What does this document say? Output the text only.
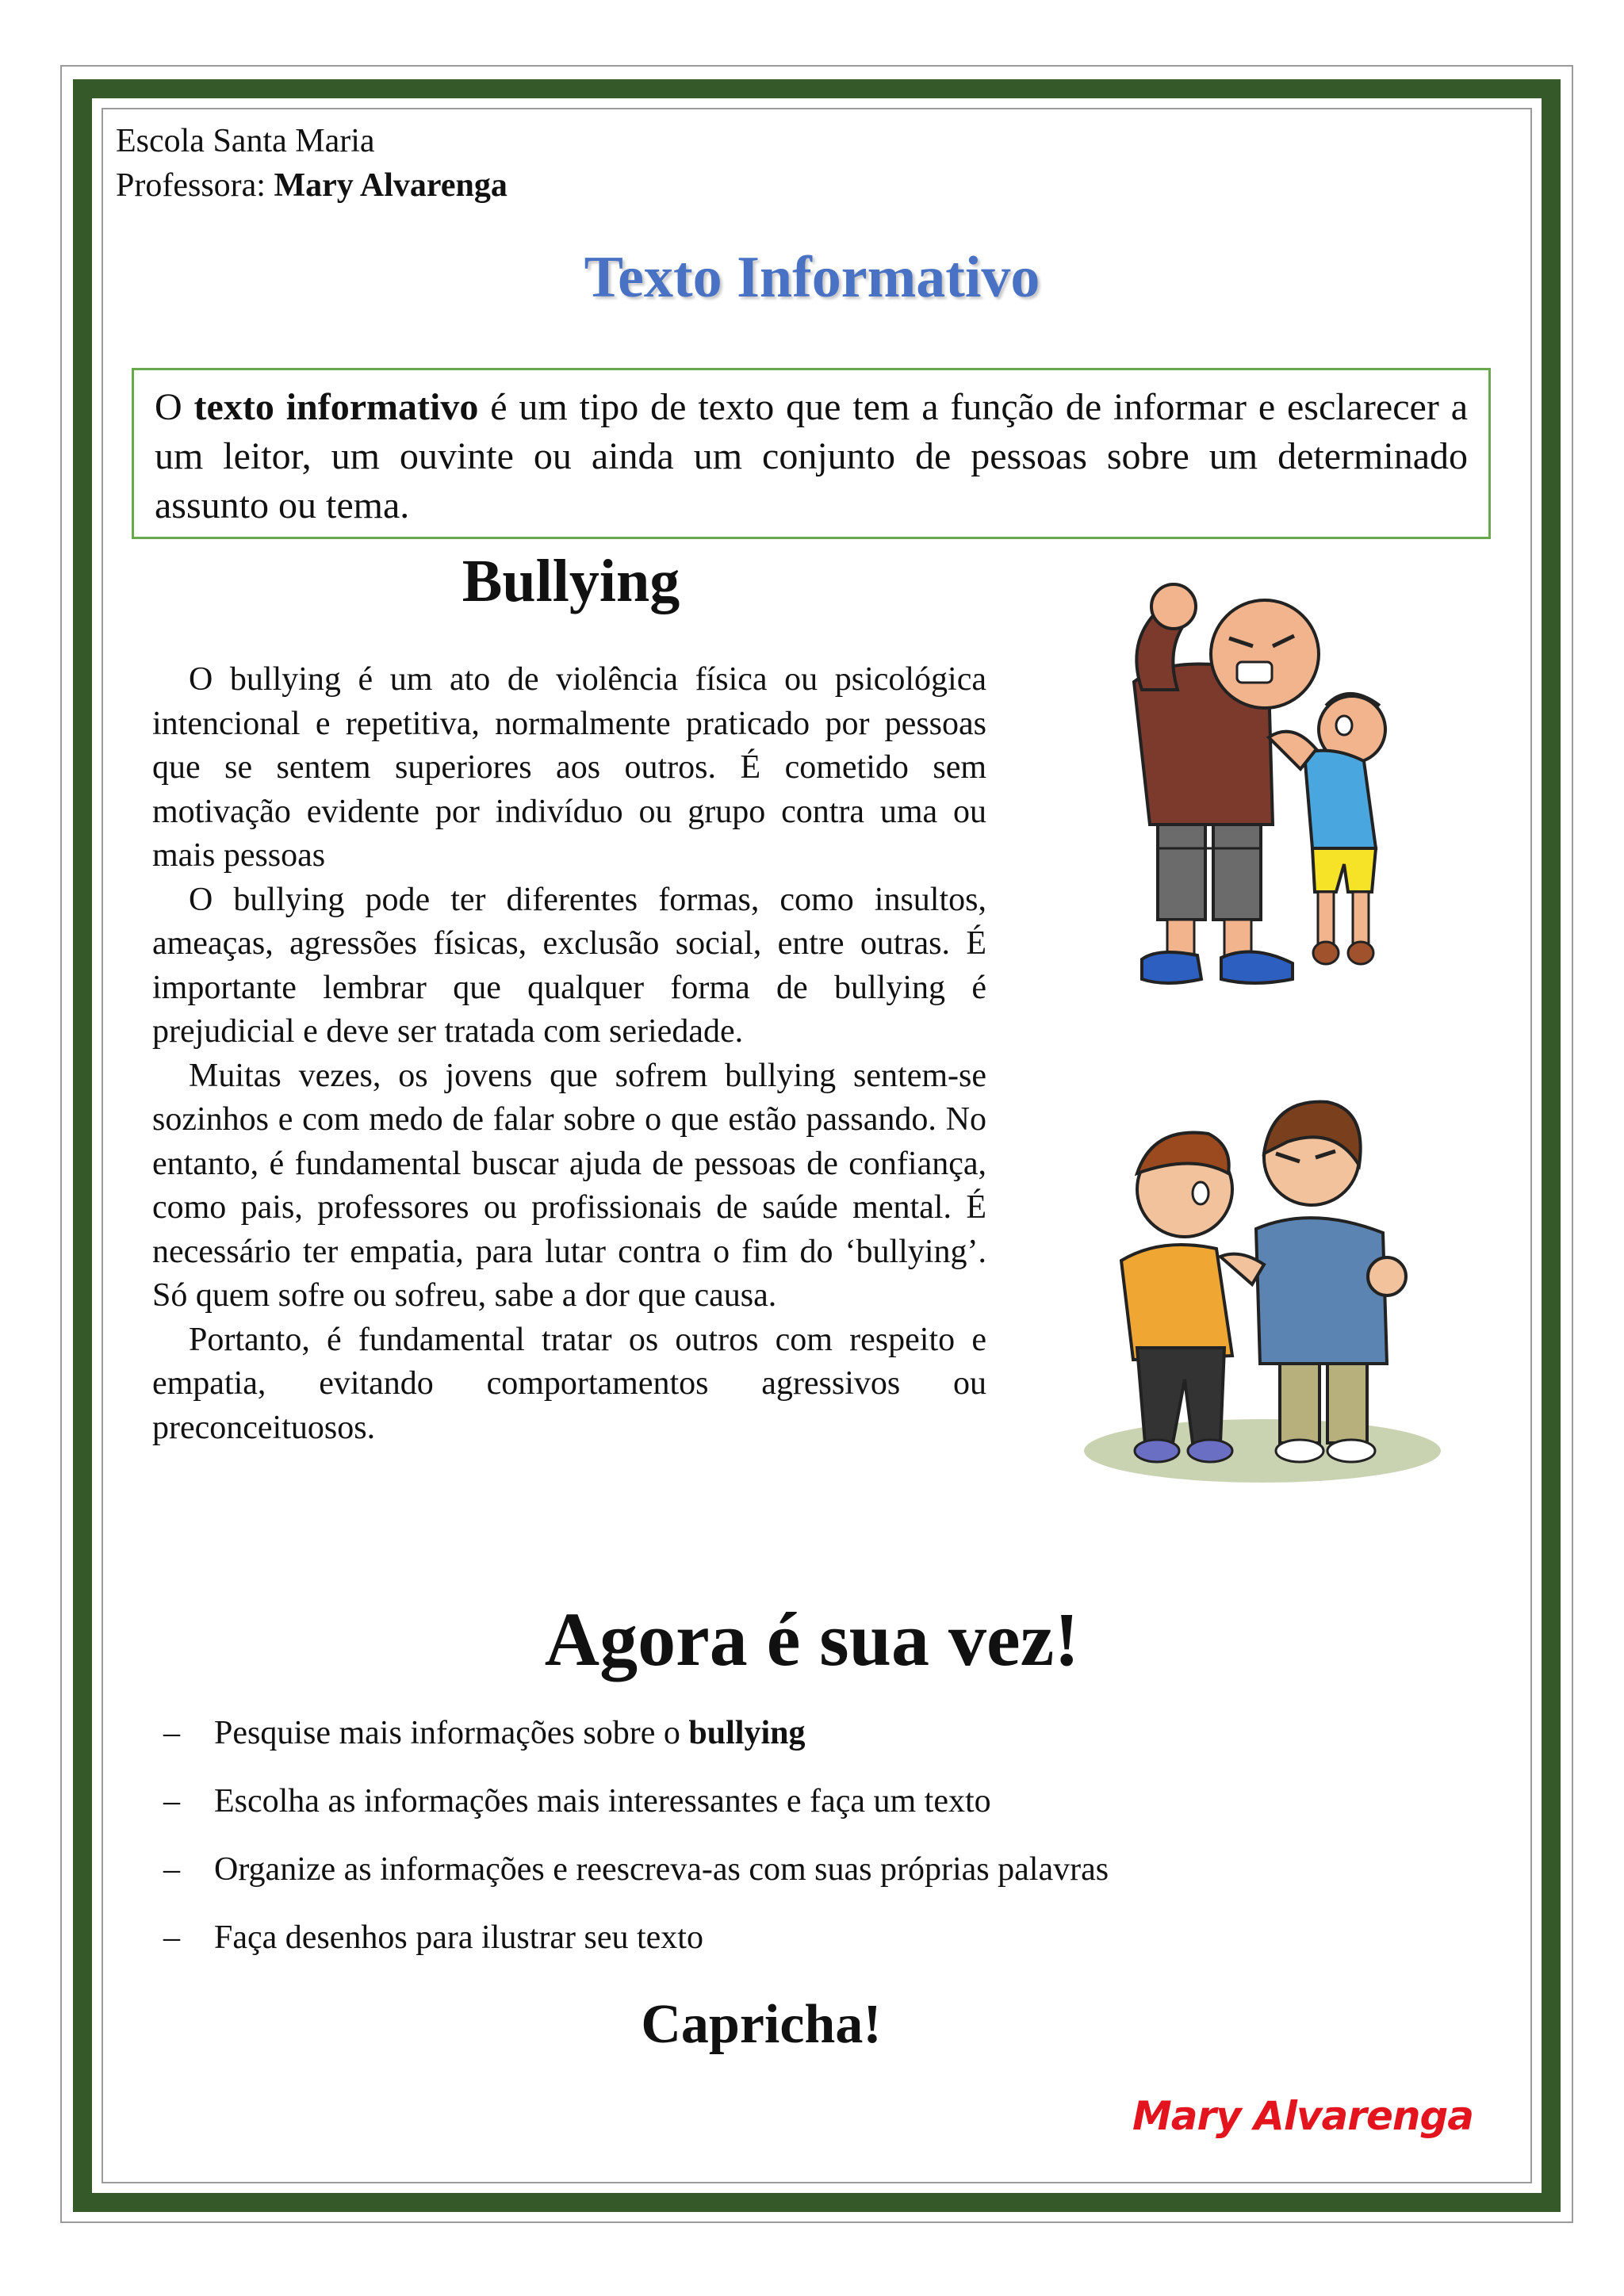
Escola Santa Maria
Professora: Mary Alvarenga
Texto Informativo
O texto informativo é um tipo de texto que tem a função de informar e esclarecer a um leitor, um ouvinte ou ainda um conjunto de pessoas sobre um determinado assunto ou tema.
Bullying

O bullying é um ato de violência física ou psicológica intencional e repetitiva, normalmente praticado por pessoas que se sentem superiores aos outros. É cometido sem motivação evidente por indivíduo ou grupo contra uma ou mais pessoas

O bullying pode ter diferentes formas, como insultos, ameaças, agressões físicas, exclusão social, entre outras. É importante lembrar que qualquer forma de bullying é prejudicial e deve ser tratada com seriedade.

Muitas vezes, os jovens que sofrem bullying sentem-se sozinhos e com medo de falar sobre o que estão passando. No entanto, é fundamental buscar ajuda de pessoas de confiança, como pais, professores ou profissionais de saúde mental. É necessário ter empatia, para lutar contra o fim do ‘bullying’. Só quem sofre ou sofreu, sabe a dor que causa.

Portanto, é fundamental tratar os outros com respeito e empatia, evitando comportamentos agressivos ou preconceituosos.

Agora é sua vez!
–	Pesquise mais informações sobre o bullying
–	Escolha as informações mais interessantes e faça um texto
–	Organize as informações e reescreva-as com suas próprias palavras
–	Faça desenhos para ilustrar seu texto
Capricha!
Mary Alvarenga
